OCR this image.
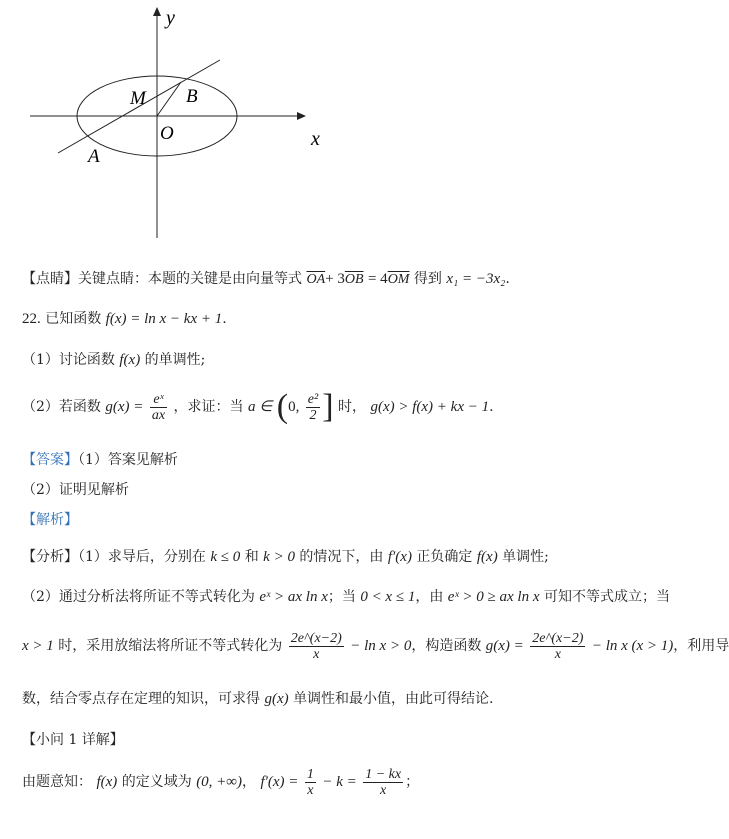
y
x
M B
O
A
【点睛】关键点睛：本题的关键是由向量等式 $\overline{OA}+ 3\overline{OB} = 4\overline{OM}$ 得到 x₁ = −3x₂.
22. 已知函数 f(x) = ln x − kx + 1.
（1）讨论函数 f(x) 的单调性;
（2）若函数 $g(x) = \frac{\text{eˣ}}{ax}$ ，求证：当 a ∈ (0, $\frac{\text{e²}}{2}$ ] 时， g(x) > f(x) + kx − 1.
【答案】（1）答案见解析
（2）证明见解析
【解析】
【分析】（1）求导后，分别在 k ≤ 0 和 k > 0 的情况下，由 f′(x) 正负确定 f(x) 单调性;
（2）通过分析法将所证不等式转化为 eˣ > ax ln x；当 0 < x ≤ 1，由 eˣ > 0 ≥ ax ln x 可知不等式成立；当
x > 1 时，采用放缩法将所证不等式转化为 $\frac{2e\^{}(x-2)}{x} - \ln x > 0$，构造函数 $g(x) = \frac{2e\^{}(x-2)}{x} - \ln x$ (x > 1)，利用导
数，结合零点存在定理的知识，可求得 g(x) 单调性和最小值，由此可得结论.
【小问 1 详解】
由题意知： f(x) 的定义域为 (0, +∞)， $f'(x) = \frac{1}{x} - k = \frac{1 - kx}{x}$ ；
